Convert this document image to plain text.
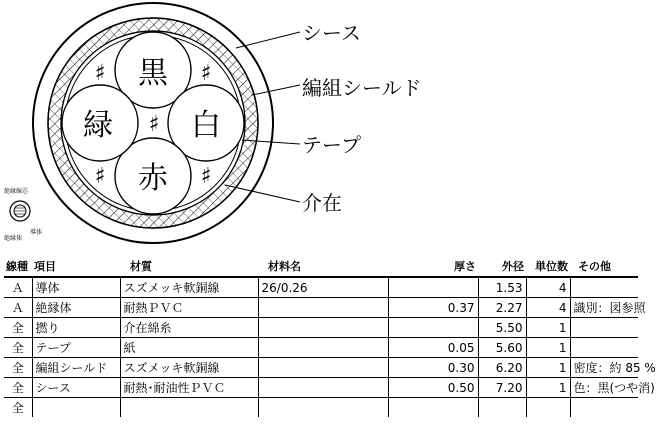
黒
白
赤
緑
♯	♯
♯
♯	♯
シース
編組シールド
テープ
介在
絶縁線芯
絶縁体
導体
線種	項目	材質	材料名	厚さ	外径	単位数	その他
Ａ	導体	スズメッキ軟銅線	26/0.26		1.53	4	
Ａ	絶縁体	耐熱ＰＶＣ		0.37	2.27	4	識別：図参照
全	撚り	介在綿糸			5.50	1	
全	テープ	紙		0.05	5.60	1	
全	編組シールド	スズメッキ軟銅線		0.30	6.20	1	密度：約 85 %
全	シース	耐熱･耐油性ＰＶＣ		0.50	7.20	1	色：黒(つや消)
全							
